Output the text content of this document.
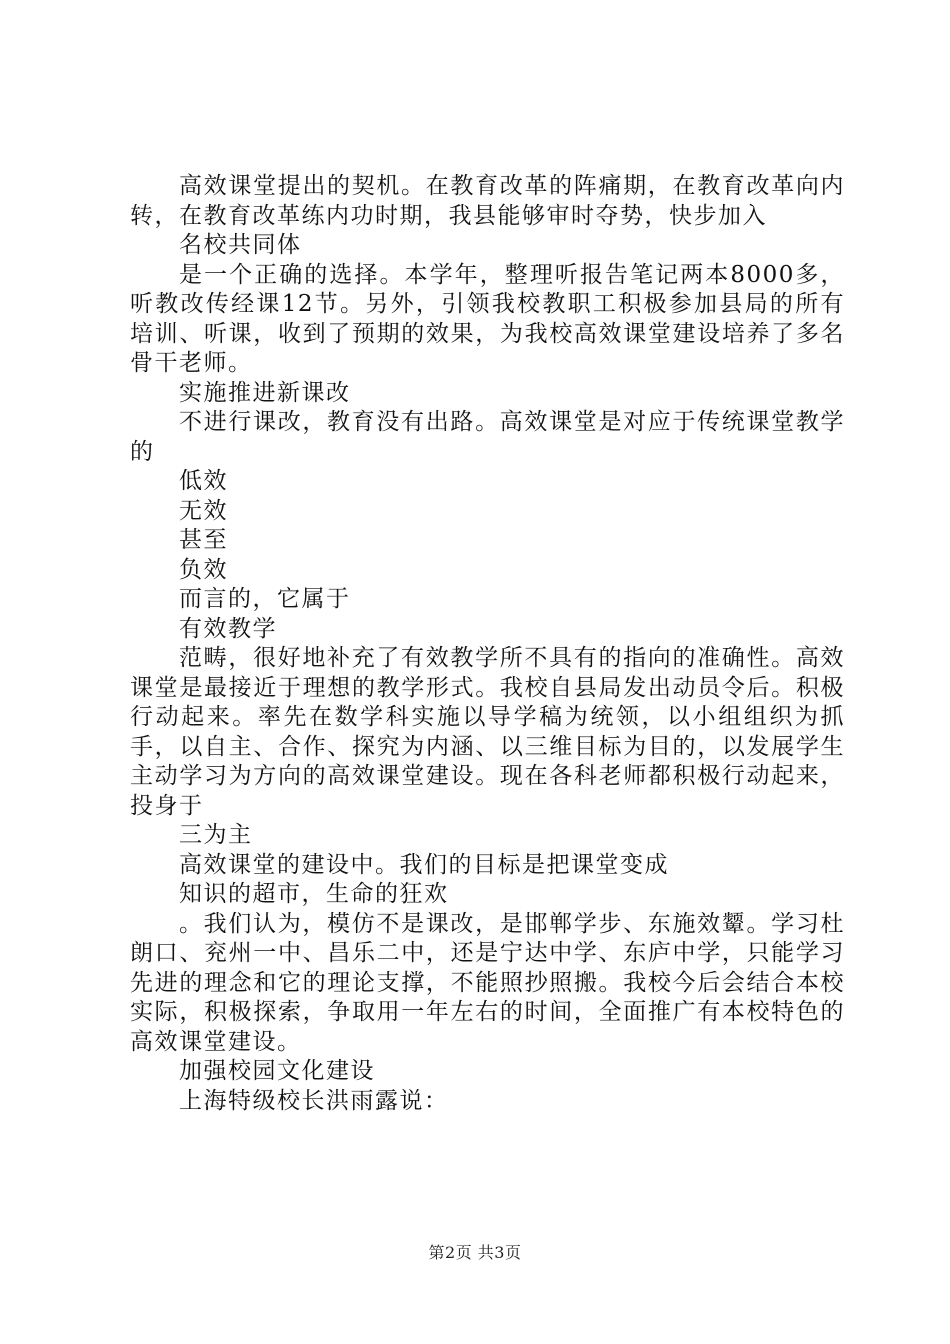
高效课堂提出的契机。在教育改革的阵痛期，在教育改革向内转，在教育改革练内功时期，我县能够审时夺势，快步加入

名校共同体

是一个正确的选择。本学年，整理听报告笔记两本8000多，听教改传经课12节。另外，引领我校教职工积极参加县局的所有培训、听课，收到了预期的效果，为我校高效课堂建设培养了多名骨干老师。

实施推进新课改

不进行课改，教育没有出路。高效课堂是对应于传统课堂教学的

低效

无效

甚至

负效

而言的，它属于

有效教学

范畴，很好地补充了有效教学所不具有的指向的准确性。高效课堂是最接近于理想的教学形式。我校自县局发出动员令后。积极行动起来。率先在数学科实施以导学稿为统领，以小组组织为抓手，以自主、合作、探究为内涵、以三维目标为目的，以发展学生主动学习为方向的高效课堂建设。现在各科老师都积极行动起来，投身于

三为主

高效课堂的建设中。我们的目标是把课堂变成

知识的超市，生命的狂欢

。我们认为，模仿不是课改，是邯郸学步、东施效颦。学习杜朗口、兖州一中、昌乐二中，还是宁达中学、东庐中学，只能学习先进的理念和它的理论支撑，不能照抄照搬。我校今后会结合本校实际，积极探索，争取用一年左右的时间，全面推广有本校特色的高效课堂建设。

加强校园文化建设

上海特级校长洪雨露说：

第2页 共3页
